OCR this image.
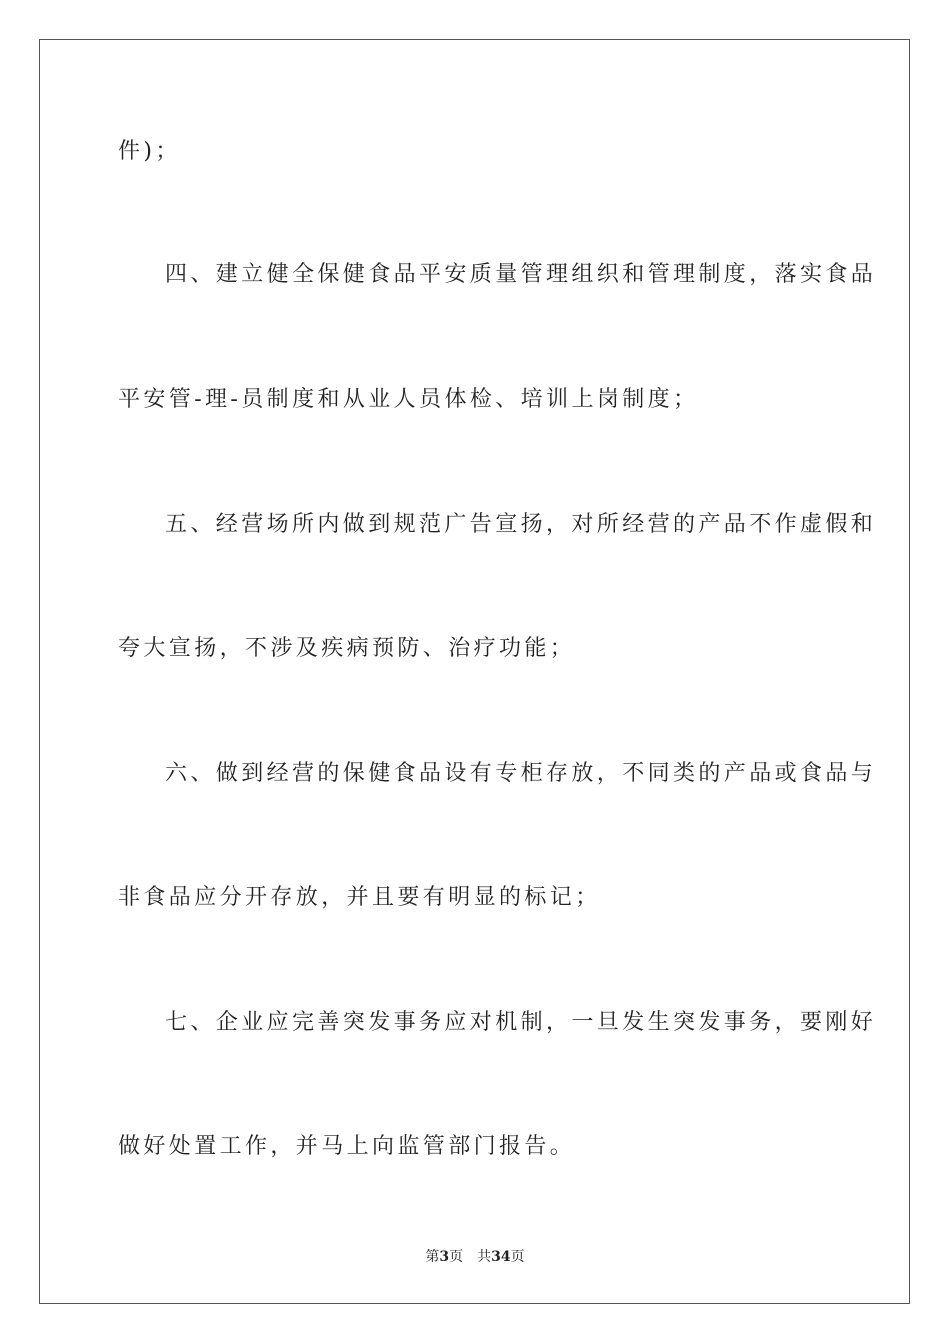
件)；
四、建立健全保健食品平安质量管理组织和管理制度，落实食品
平安管-理-员制度和从业人员体检、培训上岗制度；
五、经营场所内做到规范广告宣扬，对所经营的产品不作虚假和
夸大宣扬，不涉及疾病预防、治疗功能；
六、做到经营的保健食品设有专柜存放，不同类的产品或食品与
非食品应分开存放，并且要有明显的标记；
七、企业应完善突发事务应对机制，一旦发生突发事务，要刚好
做好处置工作，并马上向监管部门报告。
第3页 共34页
